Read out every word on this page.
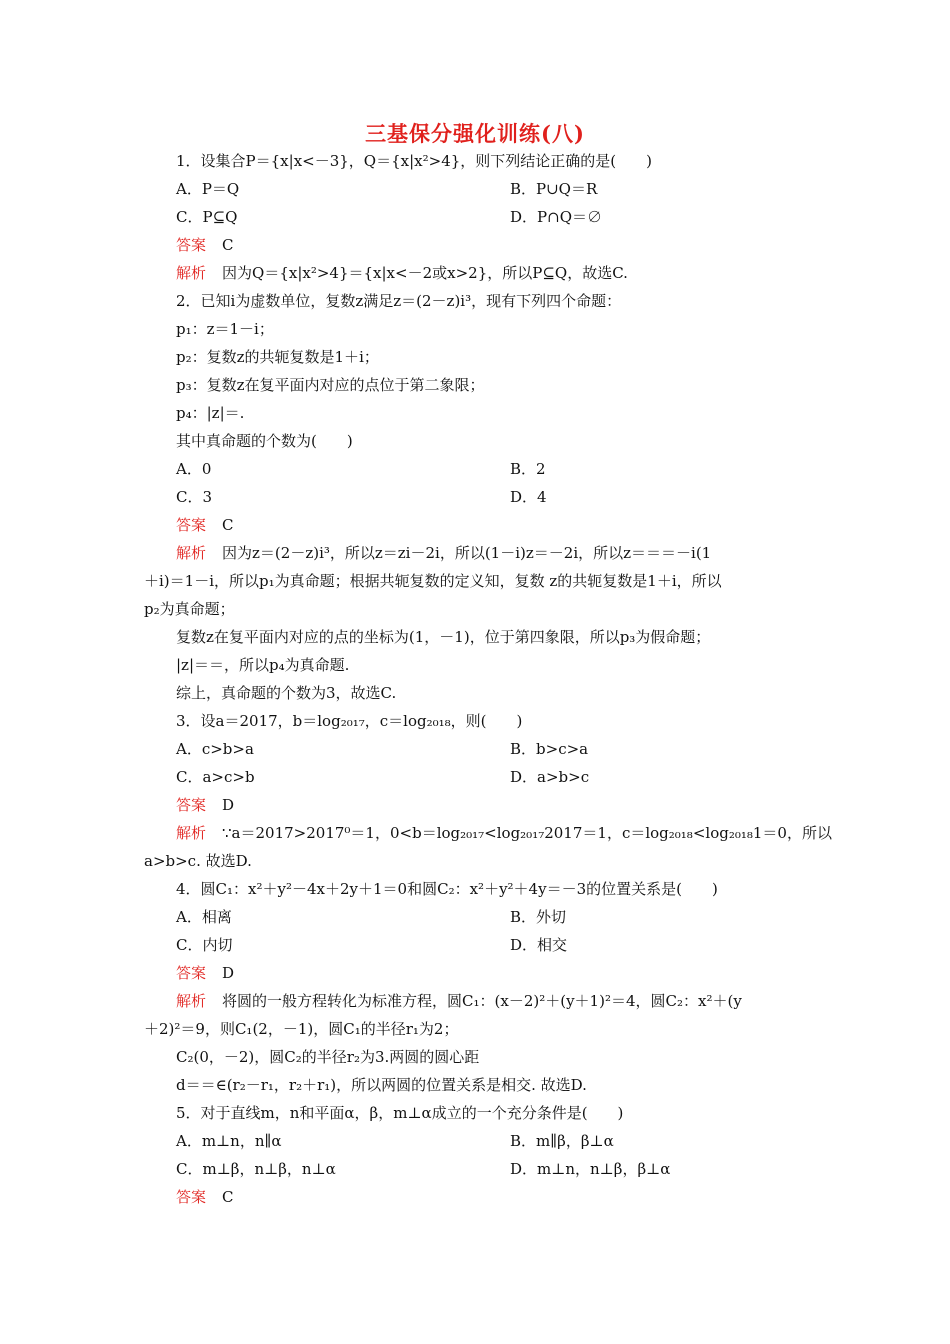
三基保分强化训练(八)
1．设集合P＝{x|x<－3}，Q＝{x|x²>4}，则下列结论正确的是(　　)
A．P＝Q	B．P∪Q＝R
C．P⊆Q	D．P∩Q＝∅
答案 C
解析 因为Q＝{x|x²>4}＝{x|x<－2或x>2}，所以P⊆Q，故选C.
2．已知i为虚数单位，复数z满足z＝(2－z)i³，现有下列四个命题：
p₁：z＝1－i；
p₂：复数z的共轭复数是1＋i；
p₃：复数z在复平面内对应的点位于第二象限；
p₄：|z|＝.
其中真命题的个数为(　　)
A．0	B．2
C．3	D．4
答案 C
解析 因为z＝(2－z)i³，所以z＝zi－2i，所以(1－i)z＝－2i，所以z＝＝＝－i(1
＋i)＝1－i，所以p₁为真命题；根据共轭复数的定义知，复数 z的共轭复数是1＋i，所以
p₂为真命题；
复数z在复平面内对应的点的坐标为(1，－1)，位于第四象限，所以p₃为假命题；
|z|＝＝，所以p₄为真命题.
综上，真命题的个数为3，故选C.
3．设a＝2017，b＝log₂₀₁₇，c＝log₂₀₁₈，则(　　)
A．c>b>a	B．b>c>a
C．a>c>b	D．a>b>c
答案 D
解析 ∵a＝2017>2017⁰＝1，0<b＝log₂₀₁₇<log₂₀₁₇2017＝1，c＝log₂₀₁₈<log₂₀₁₈1＝0，所以
a>b>c. 故选D.
4．圆C₁：x²＋y²－4x＋2y＋1＝0和圆C₂：x²＋y²＋4y＝－3的位置关系是(　　)
A．相离	B．外切
C．内切	D．相交
答案 D
解析 将圆的一般方程转化为标准方程，圆C₁：(x－2)²＋(y＋1)²＝4，圆C₂：x²＋(y
＋2)²＝9，则C₁(2，－1)，圆C₁的半径r₁为2；
C₂(0，－2)，圆C₂的半径r₂为3.两圆的圆心距
d＝＝∈(r₂－r₁，r₂＋r₁)，所以两圆的位置关系是相交. 故选D.
5．对于直线m，n和平面α，β，m⊥α成立的一个充分条件是(　　)
A．m⊥n，n∥α	B．m∥β，β⊥α
C．m⊥β，n⊥β，n⊥α	D．m⊥n，n⊥β，β⊥α
答案 C
